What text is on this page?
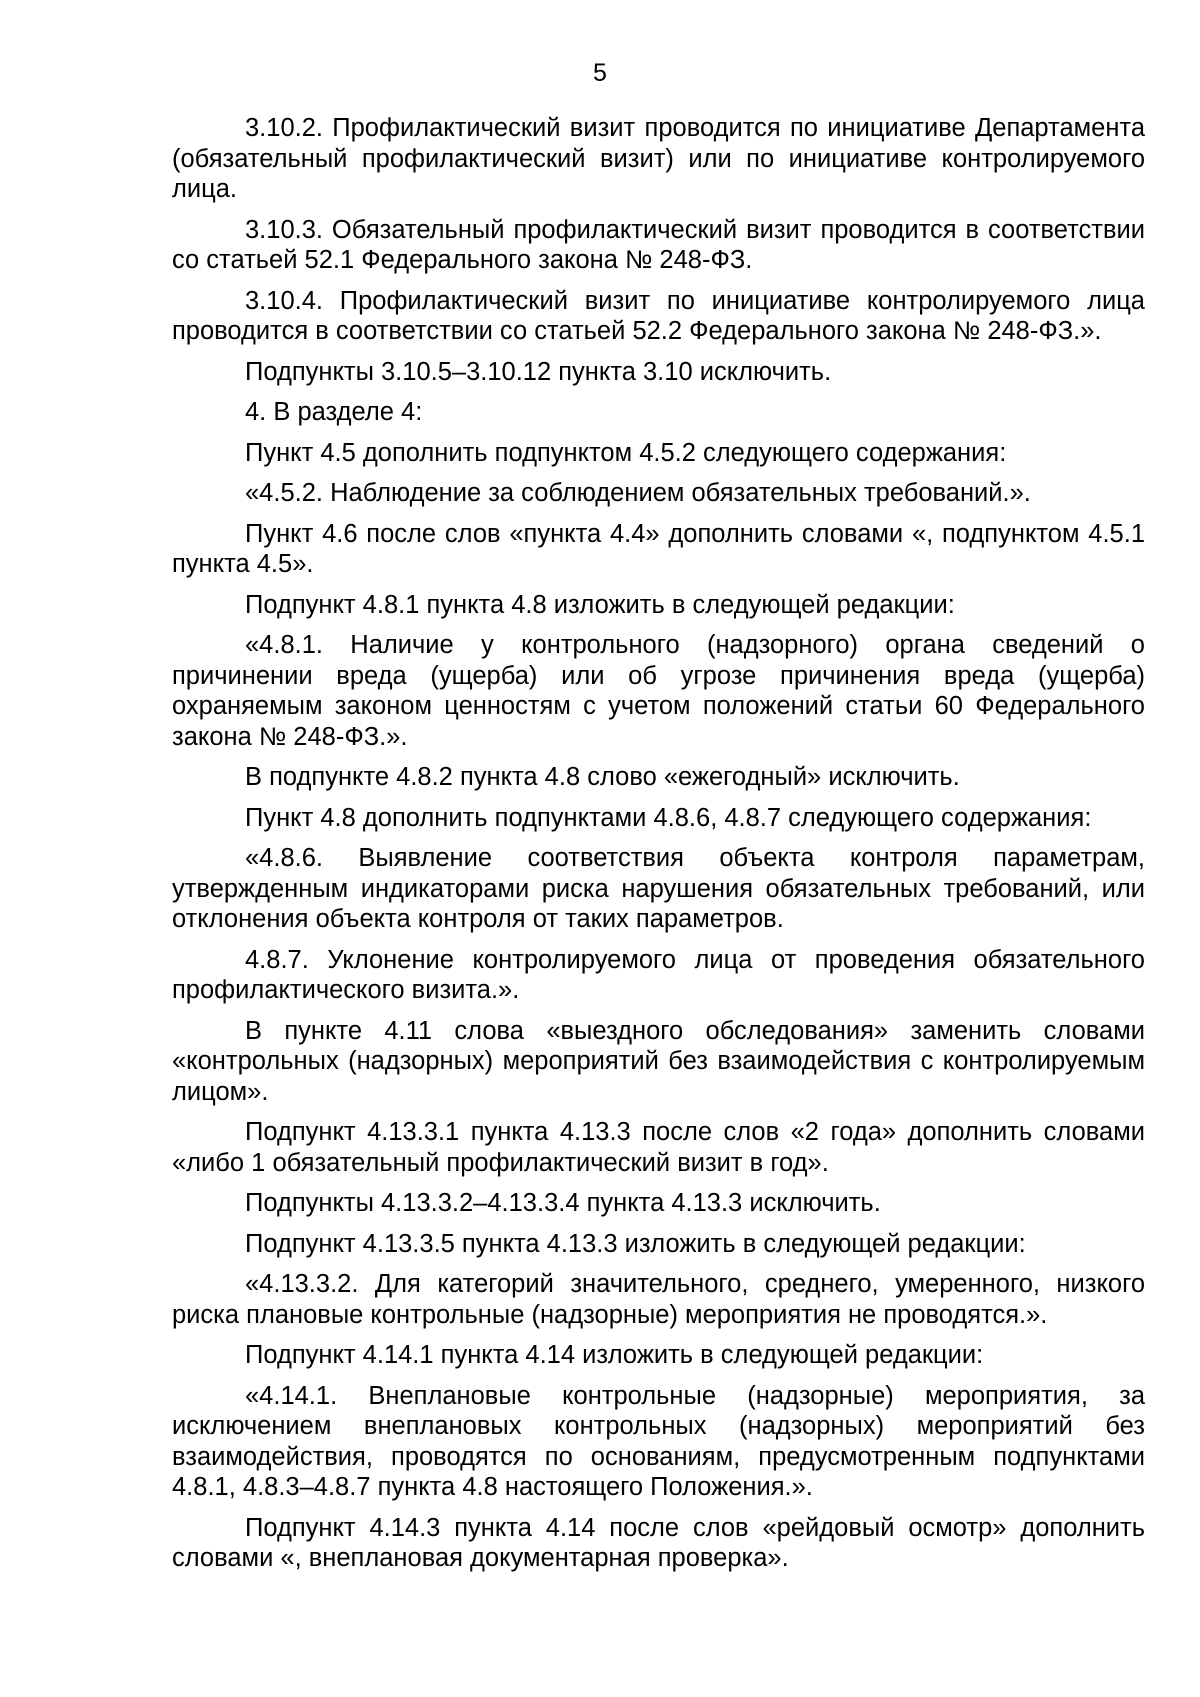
5

3.10.2. Профилактический визит проводится по инициативе Департамента (обязательный профилактический визит) или по инициативе контролируемого лица.

3.10.3. Обязательный профилактический визит проводится в соответствии со статьей 52.1 Федерального закона № 248-ФЗ.

3.10.4. Профилактический визит по инициативе контролируемого лица проводится в соответствии со статьей 52.2 Федерального закона № 248-ФЗ.».

Подпункты 3.10.5–3.10.12 пункта 3.10 исключить.

4. В разделе 4:

Пункт 4.5 дополнить подпунктом 4.5.2 следующего содержания:

«4.5.2. Наблюдение за соблюдением обязательных требований.».

Пункт 4.6 после слов «пункта 4.4» дополнить словами «, подпунктом 4.5.1 пункта 4.5».

Подпункт 4.8.1 пункта 4.8 изложить в следующей редакции:

«4.8.1. Наличие у контрольного (надзорного) органа сведений о причинении вреда (ущерба) или об угрозе причинения вреда (ущерба) охраняемым законом ценностям с учетом положений статьи 60 Федерального закона № 248-ФЗ.».

В подпункте 4.8.2 пункта 4.8 слово «ежегодный» исключить.

Пункт 4.8 дополнить подпунктами 4.8.6, 4.8.7 следующего содержания:

«4.8.6. Выявление соответствия объекта контроля параметрам, утвержденным индикаторами риска нарушения обязательных требований, или отклонения объекта контроля от таких параметров.

4.8.7. Уклонение контролируемого лица от проведения обязательного профилактического визита.».

В пункте 4.11 слова «выездного обследования» заменить словами «контрольных (надзорных) мероприятий без взаимодействия с контролируемым лицом».

Подпункт 4.13.3.1 пункта 4.13.3 после слов «2 года» дополнить словами «либо 1 обязательный профилактический визит в год».

Подпункты 4.13.3.2–4.13.3.4 пункта 4.13.3 исключить.

Подпункт 4.13.3.5 пункта 4.13.3 изложить в следующей редакции:

«4.13.3.2. Для категорий значительного, среднего, умеренного, низкого риска плановые контрольные (надзорные) мероприятия не проводятся.».

Подпункт 4.14.1 пункта 4.14 изложить в следующей редакции:

«4.14.1. Внеплановые контрольные (надзорные) мероприятия, за исключением внеплановых контрольных (надзорных) мероприятий без взаимодействия, проводятся по основаниям, предусмотренным подпунктами 4.8.1, 4.8.3–4.8.7 пункта 4.8 настоящего Положения.».

Подпункт 4.14.3 пункта 4.14 после слов «рейдовый осмотр» дополнить словами «, внеплановая документарная проверка».
